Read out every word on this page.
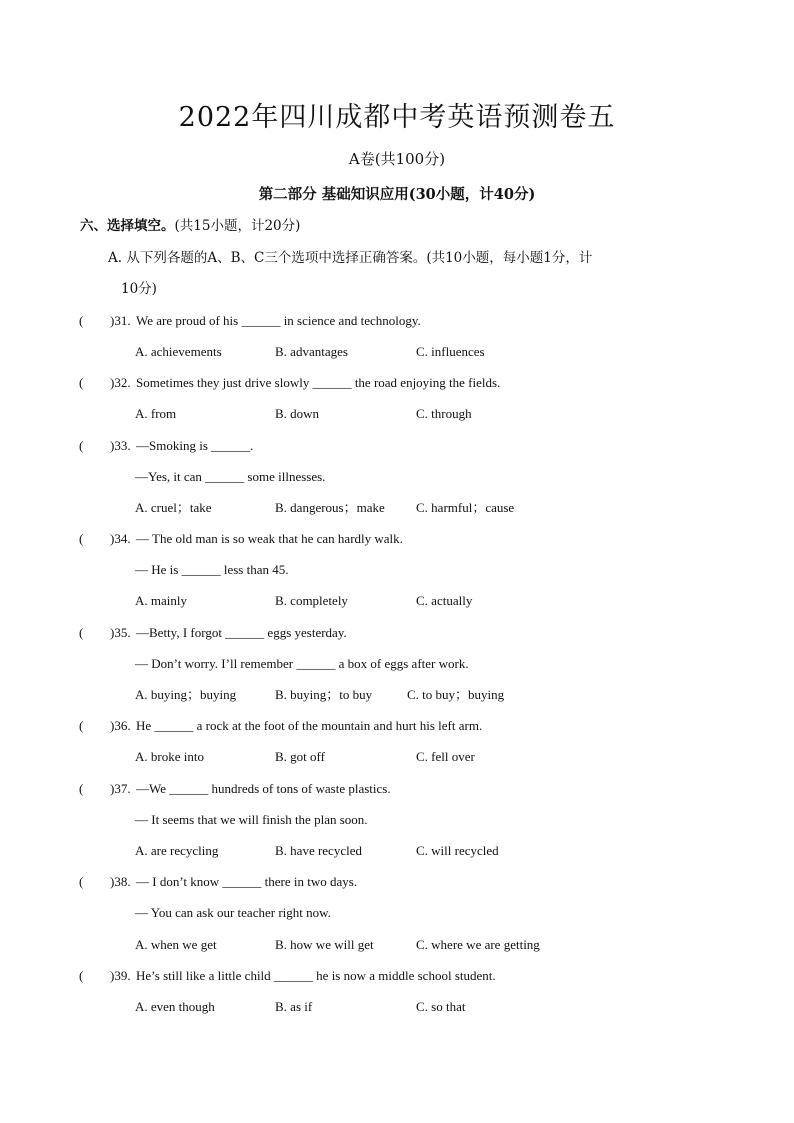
2022年四川成都中考英语预测卷五
A卷(共100分)
第二部分 基础知识应用(30小题，计40分)
六、选择填空。(共15小题，计20分)
A. 从下列各题的A、B、C三个选项中选择正确答案。(共10小题，每小题1分，计
10分)
( )31. We are proud of his ______ in science and technology.
A. achievements	B. advantages	C. influences
( )32. Sometimes they just drive slowly ______ the road enjoying the fields.
A. from	B. down	C. through
( )33. —Smoking is ______.
—Yes, it can ______ some illnesses.
A. cruel；take	B. dangerous；make C. harmful；cause
( )34. — The old man is so weak that he can hardly walk.
— He is ______ less than 45.
A. mainly	B. completely	C. actually
( )35. —Betty, I forgot ______ eggs yesterday.
— Don’t worry. I’ll remember ______ a box of eggs after work.
A. buying；buying	B. buying；to buy	C. to buy；buying
( )36. He ______ a rock at the foot of the mountain and hurt his left arm.
A. broke into	B. got off	C. fell over
( )37. —We ______ hundreds of tons of waste plastics.
— It seems that we will finish the plan soon.
A. are recycling	B. have recycled	C. will recycled
( )38. — I don’t know ______ there in two days.
— You can ask our teacher right now.
A. when we get	B. how we will get	C. where we are getting
( )39. He’s still like a little child ______ he is now a middle school student.
A. even though	B. as if	C. so that
